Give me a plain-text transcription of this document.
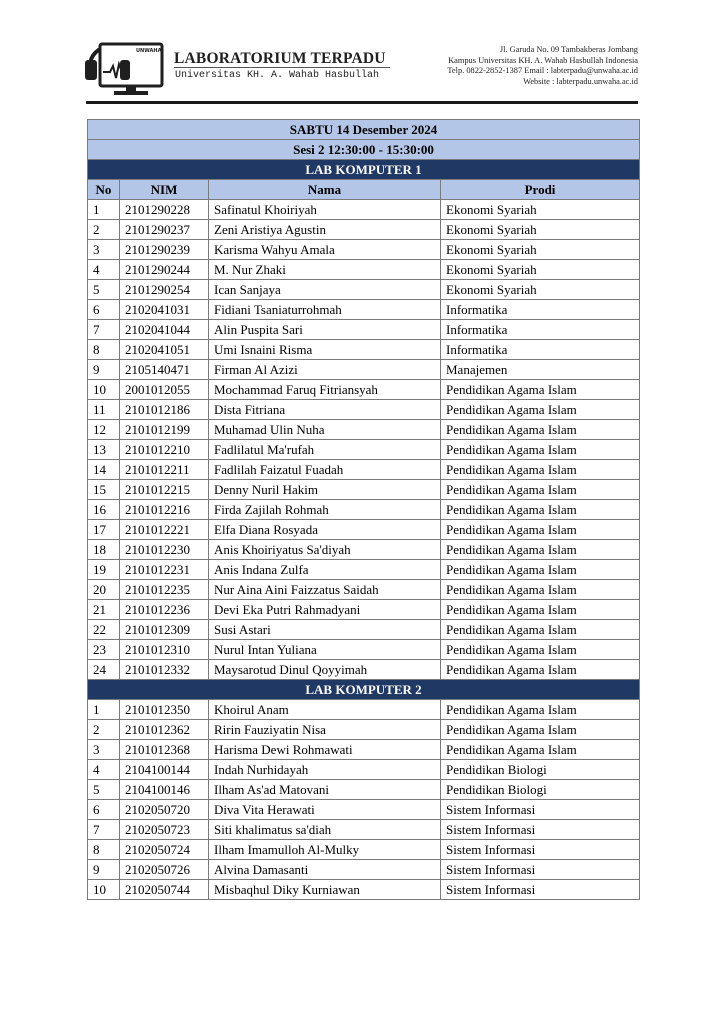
UNWAHA LABORATORIUM TERPADU
Universitas KH. A. Wahab Hasbullah
Jl. Garuda No. 09 Tambakberas Jombang
Kampus Universitas KH. A. Wahab Hasbullah Indonesia
Telp. 0822-2852-1387 Email : labterpadu@unwaha.ac.id
Website : labterpadu.unwaha.ac.id
SABTU 14 Desember 2024			
Sesi 2 12:30:00 - 15:30:00			
LAB KOMPUTER 1			
No	NIM	Nama	Prodi
1	2101290228	Safinatul Khoiriyah	Ekonomi Syariah
2	2101290237	Zeni Aristiya Agustin	Ekonomi Syariah
3	2101290239	Karisma Wahyu Amala	Ekonomi Syariah
4	2101290244	M. Nur Zhaki	Ekonomi Syariah
5	2101290254	Ican Sanjaya	Ekonomi Syariah
6	2102041031	Fidiani Tsaniaturrohmah	Informatika
7	2102041044	Alin Puspita Sari	Informatika
8	2102041051	Umi Isnaini Risma	Informatika
9	2105140471	Firman Al Azizi	Manajemen
10	2001012055	Mochammad Faruq Fitriansyah	Pendidikan Agama Islam
11	2101012186	Dista Fitriana	Pendidikan Agama Islam
12	2101012199	Muhamad Ulin Nuha	Pendidikan Agama Islam
13	2101012210	Fadlilatul Ma'rufah	Pendidikan Agama Islam
14	2101012211	Fadlilah Faizatul Fuadah	Pendidikan Agama Islam
15	2101012215	Denny Nuril Hakim	Pendidikan Agama Islam
16	2101012216	Firda Zajilah Rohmah	Pendidikan Agama Islam
17	2101012221	Elfa Diana Rosyada	Pendidikan Agama Islam
18	2101012230	Anis Khoiriyatus Sa'diyah	Pendidikan Agama Islam
19	2101012231	Anis Indana Zulfa	Pendidikan Agama Islam
20	2101012235	Nur Aina Aini Faizzatus Saidah	Pendidikan Agama Islam
21	2101012236	Devi Eka Putri Rahmadyani	Pendidikan Agama Islam
22	2101012309	Susi Astari	Pendidikan Agama Islam
23	2101012310	Nurul Intan Yuliana	Pendidikan Agama Islam
24	2101012332	Maysarotud Dinul Qoyyimah	Pendidikan Agama Islam
LAB KOMPUTER 2			
1	2101012350	Khoirul Anam	Pendidikan Agama Islam
2	2101012362	Ririn Fauziyatin Nisa	Pendidikan Agama Islam
3	2101012368	Harisma Dewi Rohmawati	Pendidikan Agama Islam
4	2104100144	Indah Nurhidayah	Pendidikan Biologi
5	2104100146	Ilham As'ad Matovani	Pendidikan Biologi
6	2102050720	Diva Vita Herawati	Sistem Informasi
7	2102050723	Siti khalimatus sa'diah	Sistem Informasi
8	2102050724	Ilham Imamulloh Al-Mulky	Sistem Informasi
9	2102050726	Alvina Damasanti	Sistem Informasi
10	2102050744	Misbaqhul Diky Kurniawan	Sistem Informasi
